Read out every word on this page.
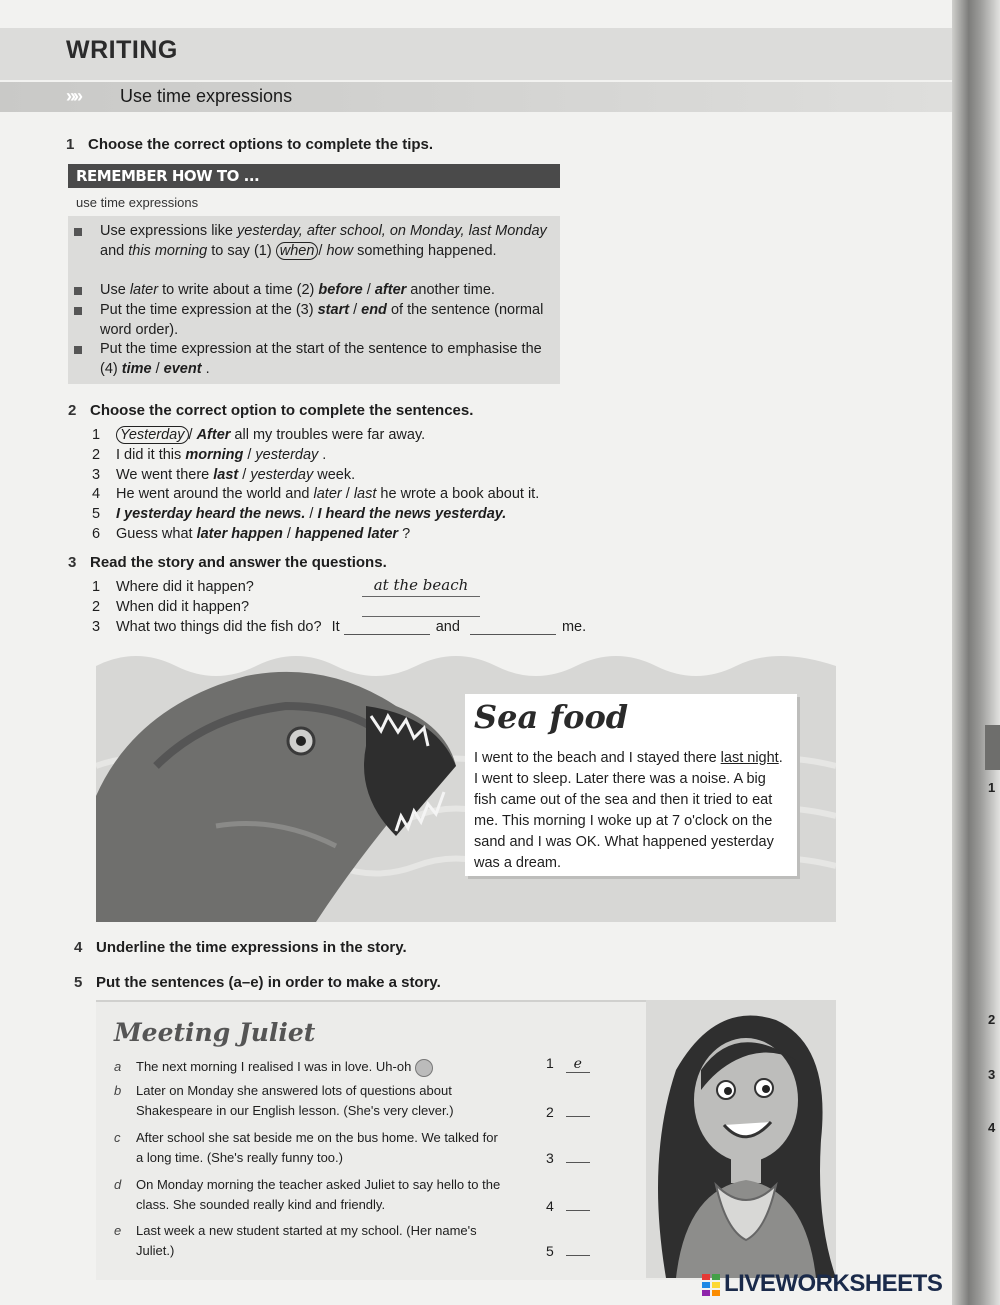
1
2
3
4
WRITING
»» Use time expressions
1 Choose the correct options to complete the tips.
REMEMBER HOW TO ...
use time expressions
Use expressions like yesterday, after school, on Monday, last Monday and this morning to say (1) when / how something happened.
Use later to write about a time (2) before / after another time.
Put the time expression at the (3) start / end of the sentence (normal word order).
Put the time expression at the start of the sentence to emphasise the (4) time / event .
2 Choose the correct option to complete the sentences.
1 Yesterday / After all my troubles were far away.
2 I did it this morning / yesterday .
3 We went there last / yesterday week.
4 He went around the world and later / last he wrote a book about it.
5 I yesterday heard the news. / I heard the news yesterday.
6 Guess what later happen / happened later ?
3 Read the story and answer the questions.
1 Where did it happen?	at the beach
2 When did it happen?
3 What two things did the fish do? It	and	me.
Sea food
I went to the beach and I stayed there last night. I went to sleep. Later there was a noise. A big fish came out of the sea and then it tried to eat me. This morning I woke up at 7 o'clock on the sand and I was OK. What happened yesterday was a dream.
4 Underline the time expressions in the story.
5 Put the sentences (a–e) in order to make a story.
Meeting Juliet
a The next morning I realised I was in love. Uh-oh
b Later on Monday she answered lots of questions about Shakespeare in our English lesson. (She's very clever.)
c After school she sat beside me on the bus home. We talked for a long time. (She's really funny too.)
d On Monday morning the teacher asked Juliet to say hello to the class. She sounded really kind and friendly.
e Last week a new student started at my school. (Her name's Juliet.)
1 e
2
3
4
5
LIVEWORKSHEETS
